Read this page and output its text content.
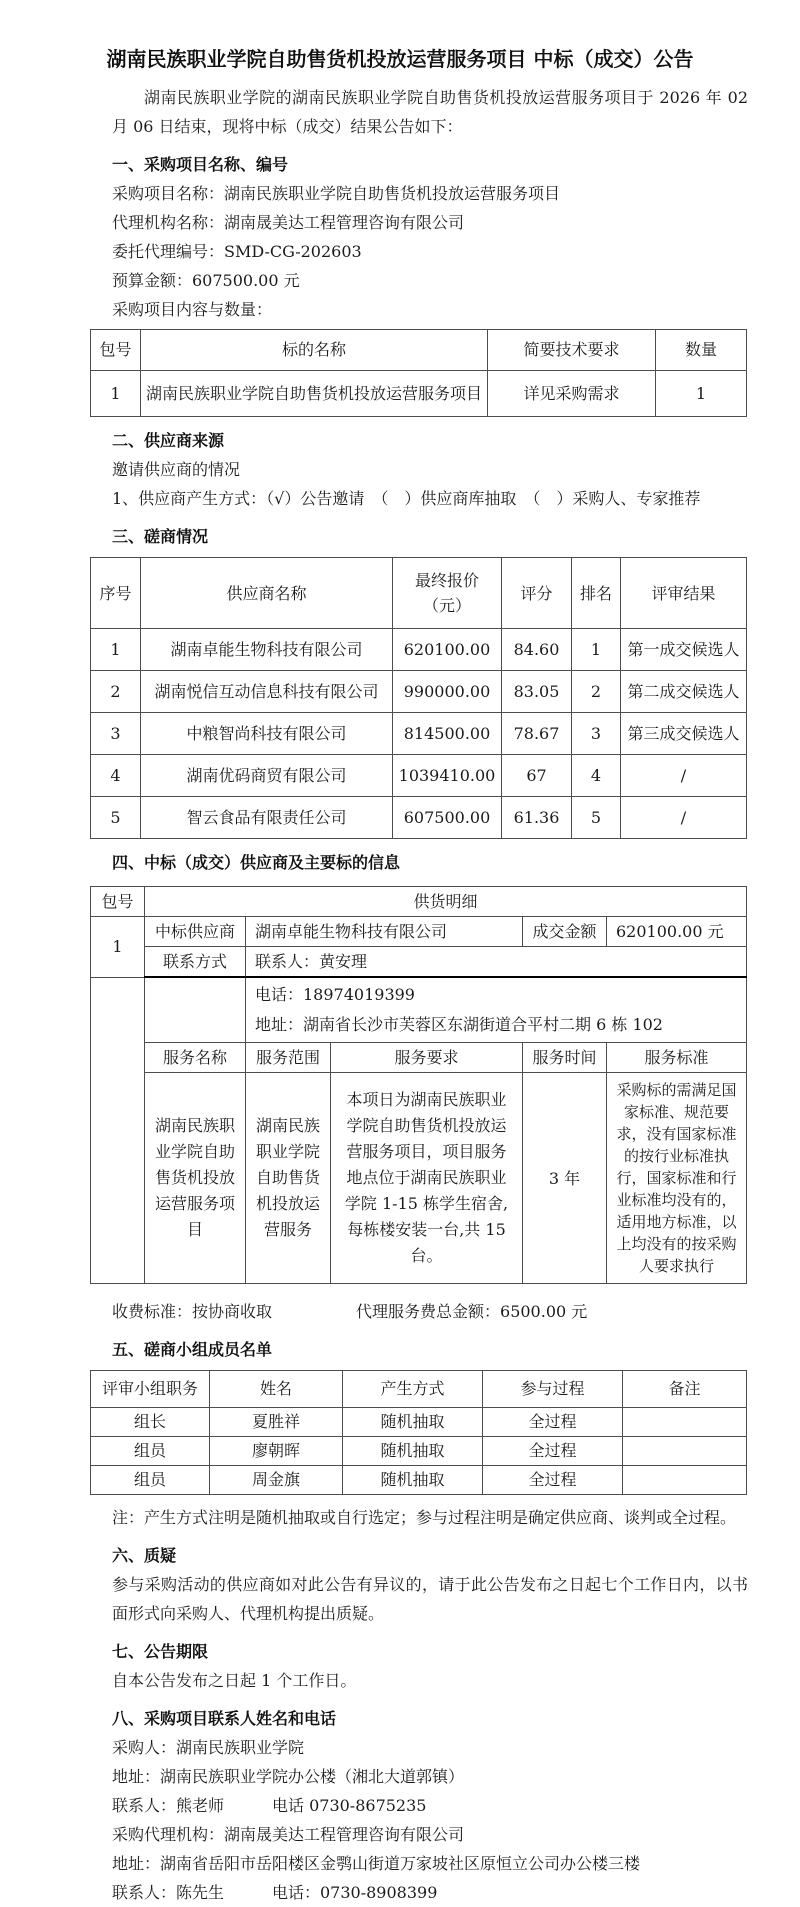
湖南民族职业学院自助售货机投放运营服务项目 中标（成交）公告

湖南民族职业学院的湖南民族职业学院自助售货机投放运营服务项目于 2026 年 02 月 06 日结束，现将中标（成交）结果公告如下：

一、采购项目名称、编号

采购项目名称：湖南民族职业学院自助售货机投放运营服务项目

代理机构名称：湖南晟美达工程管理咨询有限公司

委托代理编号：SMD-CG-202603

预算金额：607500.00 元

采购项目内容与数量：

包号	标的名称	简要技术要求	数量
1	湖南民族职业学院自助售货机投放运营服务项目	详见采购需求	1
二、供应商来源

邀请供应商的情况

1、供应商产生方式：（√）公告邀请　（　）供应商库抽取　（　）采购人、专家推荐

三、磋商情况
序号	供应商名称	最终报价（元）	评分	排名	评审结果
1	湖南卓能生物科技有限公司	620100.00	84.60	1	第一成交候选人
2	湖南悦信互动信息科技有限公司	990000.00	83.05	2	第二成交候选人
3	中粮智尚科技有限公司	814500.00	78.67	3	第三成交候选人
4	湖南优码商贸有限公司	1039410.00	67	4	/
5	智云食品有限责任公司	607500.00	61.36	5	/
四、中标（成交）供应商及主要标的信息
包号	供货明细				
1	中标供应商	湖南卓能生物科技有限公司		成交金额	620100.00 元
	联系方式	联系人：黄安理			

		电话：18974019399
地址：湖南省长沙市芙蓉区东湖街道合平村二期 6 栋 102			

	服务名称	服务范围	服务要求	服务时间	服务标准
	湖南民族职业学院自助售货机投放运营服务项目	湖南民族职业学院自助售货机投放运营服务	本项日为湖南民族职业学院自助售货机投放运营服务项目，项目服务地点位于湖南民族职业学院 1-15 栋学生宿舍,每栋楼安装一台,共 15 台。	3 年	采购标的需满足国家标准、规范要求，没有国家标准的按行业标准执行，国家标准和行业标准均没有的，适用地方标准，以上均没有的按采购人要求执行

收费标准：按协商收取	代理服务费总金额：6500.00 元

五、磋商小组成员名单
评审小组职务	姓名	产生方式	参与过程	备注
组长	夏胜祥	随机抽取	全过程	
组员	廖朝晖	随机抽取	全过程	
组员	周金旗	随机抽取	全过程	

注：产生方式注明是随机抽取或自行选定；参与过程注明是确定供应商、谈判或全过程。

六、质疑

参与采购活动的供应商如对此公告有异议的，请于此公告发布之日起七个工作日内，以书面形式向采购人、代理机构提出质疑。

七、公告期限

自本公告发布之日起 1 个工作日。

八、采购项目联系人姓名和电话

采购人：湖南民族职业学院

地址：湖南民族职业学院办公楼（湘北大道郭镇）

联系人：熊老师　　　电话 0730-8675235

采购代理机构：湖南晟美达工程管理咨询有限公司

地址：湖南省岳阳市岳阳楼区金鹗山街道万家坡社区原恒立公司办公楼三楼

联系人：陈先生　　　电话：0730-8908399
